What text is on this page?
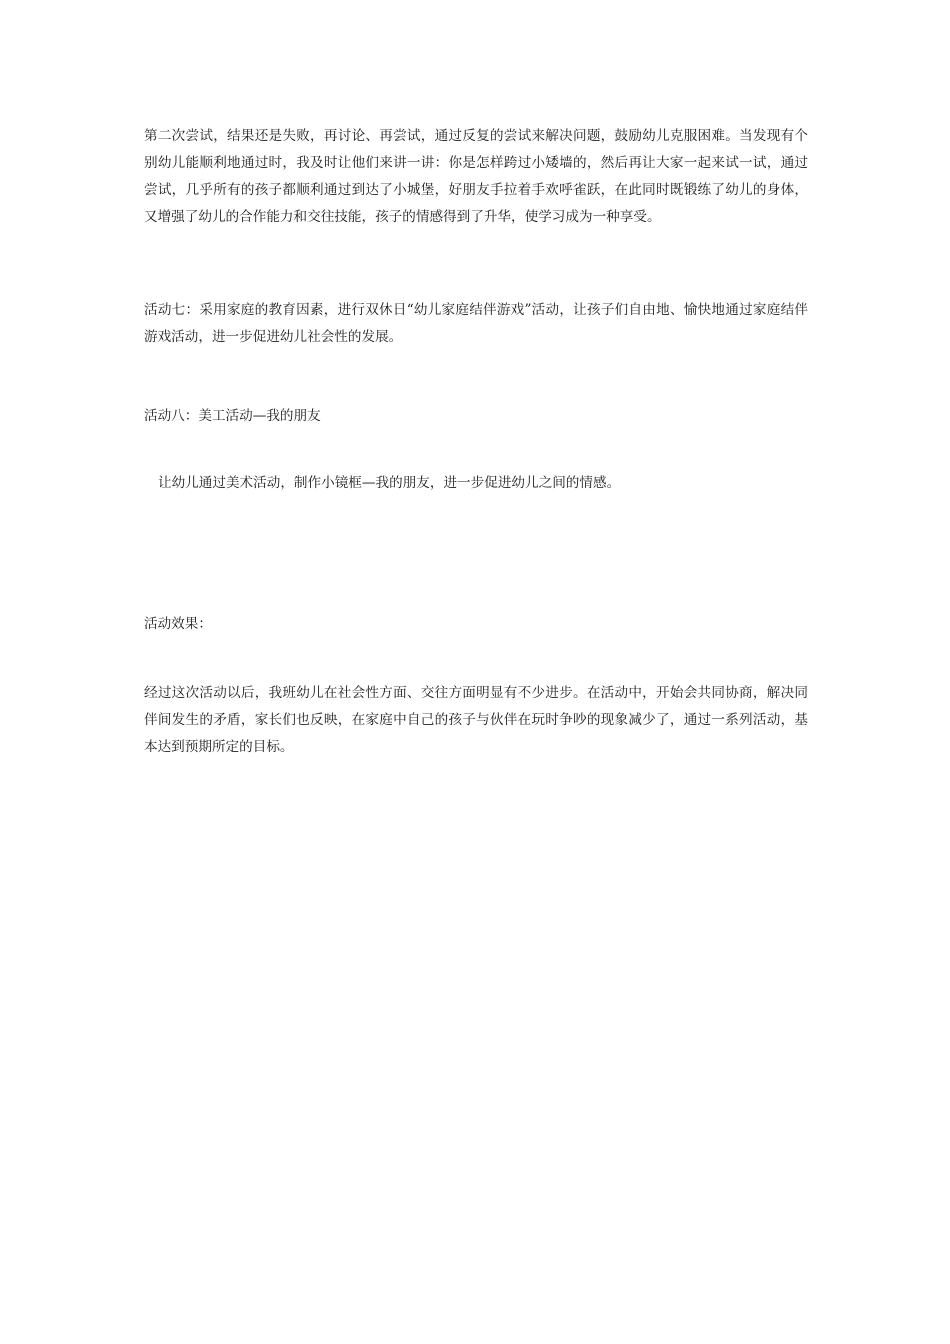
第二次尝试，结果还是失败，再讨论、再尝试，通过反复的尝试来解决问题，鼓励幼儿克服困难。当发现有个别幼儿能顺利地通过时，我及时让他们来讲一讲：你是怎样跨过小矮墙的，然后再让大家一起来试一试，通过尝试，几乎所有的孩子都顺利通过到达了小城堡，好朋友手拉着手欢呼雀跃，在此同时既锻练了幼儿的身体，又增强了幼儿的合作能力和交往技能，孩子的情感得到了升华，使学习成为一种享受。

活动七：采用家庭的教育因素，进行双休日“幼儿家庭结伴游戏”活动，让孩子们自由地、愉快地通过家庭结伴游戏活动，进一步促进幼儿社会性的发展。

活动八：美工活动—我的朋友

让幼儿通过美术活动，制作小镜框—我的朋友，进一步促进幼儿之间的情感。

活动效果：

经过这次活动以后，我班幼儿在社会性方面、交往方面明显有不少进步。在活动中，开始会共同协商，解决同伴间发生的矛盾，家长们也反映，在家庭中自己的孩子与伙伴在玩时争吵的现象减少了，通过一系列活动，基本达到预期所定的目标。
